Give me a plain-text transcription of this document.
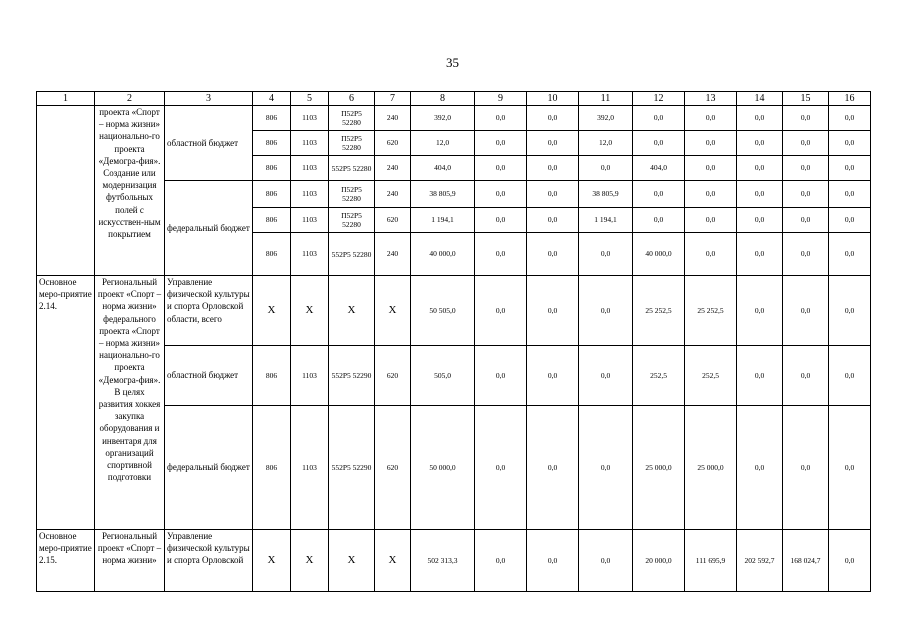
35
1	2	3	4	5	6	7	8	9	10	11	12	13	14	15	16
	проекта «Спорт – норма жизни» национально-го проекта «Демогра-фия». Создание или модернизация футбольных полей с искусствен-ным покрытием	областной бюджет	806	1103	П52Р5 52280	240	392,0	0,0	0,0	392,0	0,0	0,0	0,0	0,0	0,0
			806	1103	П52Р5 52280	620	12,0	0,0	0,0	12,0	0,0	0,0	0,0	0,0	0,0
			806	1103	552Р5 52280	240	404,0	0,0	0,0	0,0	404,0	0,0	0,0	0,0	0,0
		федеральный бюджет	806	1103	П52Р5 52280	240	38 805,9	0,0	0,0	38 805,9	0,0	0,0	0,0	0,0	0,0
			806	1103	П52Р5 52280	620	1 194,1	0,0	0,0	1 194,1	0,0	0,0	0,0	0,0	0,0
			806	1103	552Р5 52280	240	40 000,0	0,0	0,0	0,0	40 000,0	0,0	0,0	0,0	0,0
Основное меро-приятие 2.14.	Региональный проект «Спорт – норма жизни» федерального проекта «Спорт – норма жизни» национально-го проекта «Демогра-фия». В целях развития хоккея закупка оборудования и инвентаря для организаций спортивной подготовки	Управление физической культуры и спорта Орловской области, всего	Х	Х	Х	Х	50 505,0	0,0	0,0	0,0	25 252,5	25 252,5	0,0	0,0	0,0
		областной бюджет	806	1103	552Р5 52290	620	505,0	0,0	0,0	0,0	252,5	252,5	0,0	0,0	0,0
		федеральный бюджет	806	1103	552Р5 52290	620	50 000,0	0,0	0,0	0,0	25 000,0	25 000,0	0,0	0,0	0,0
Основное меро-приятие 2.15.	Региональный проект «Спорт – норма жизни»	Управление физической культуры и спорта Орловской	Х	Х	Х	Х	502 313,3	0,0	0,0	0,0	20 000,0	111 695,9	202 592,7	168 024,7	0,0
